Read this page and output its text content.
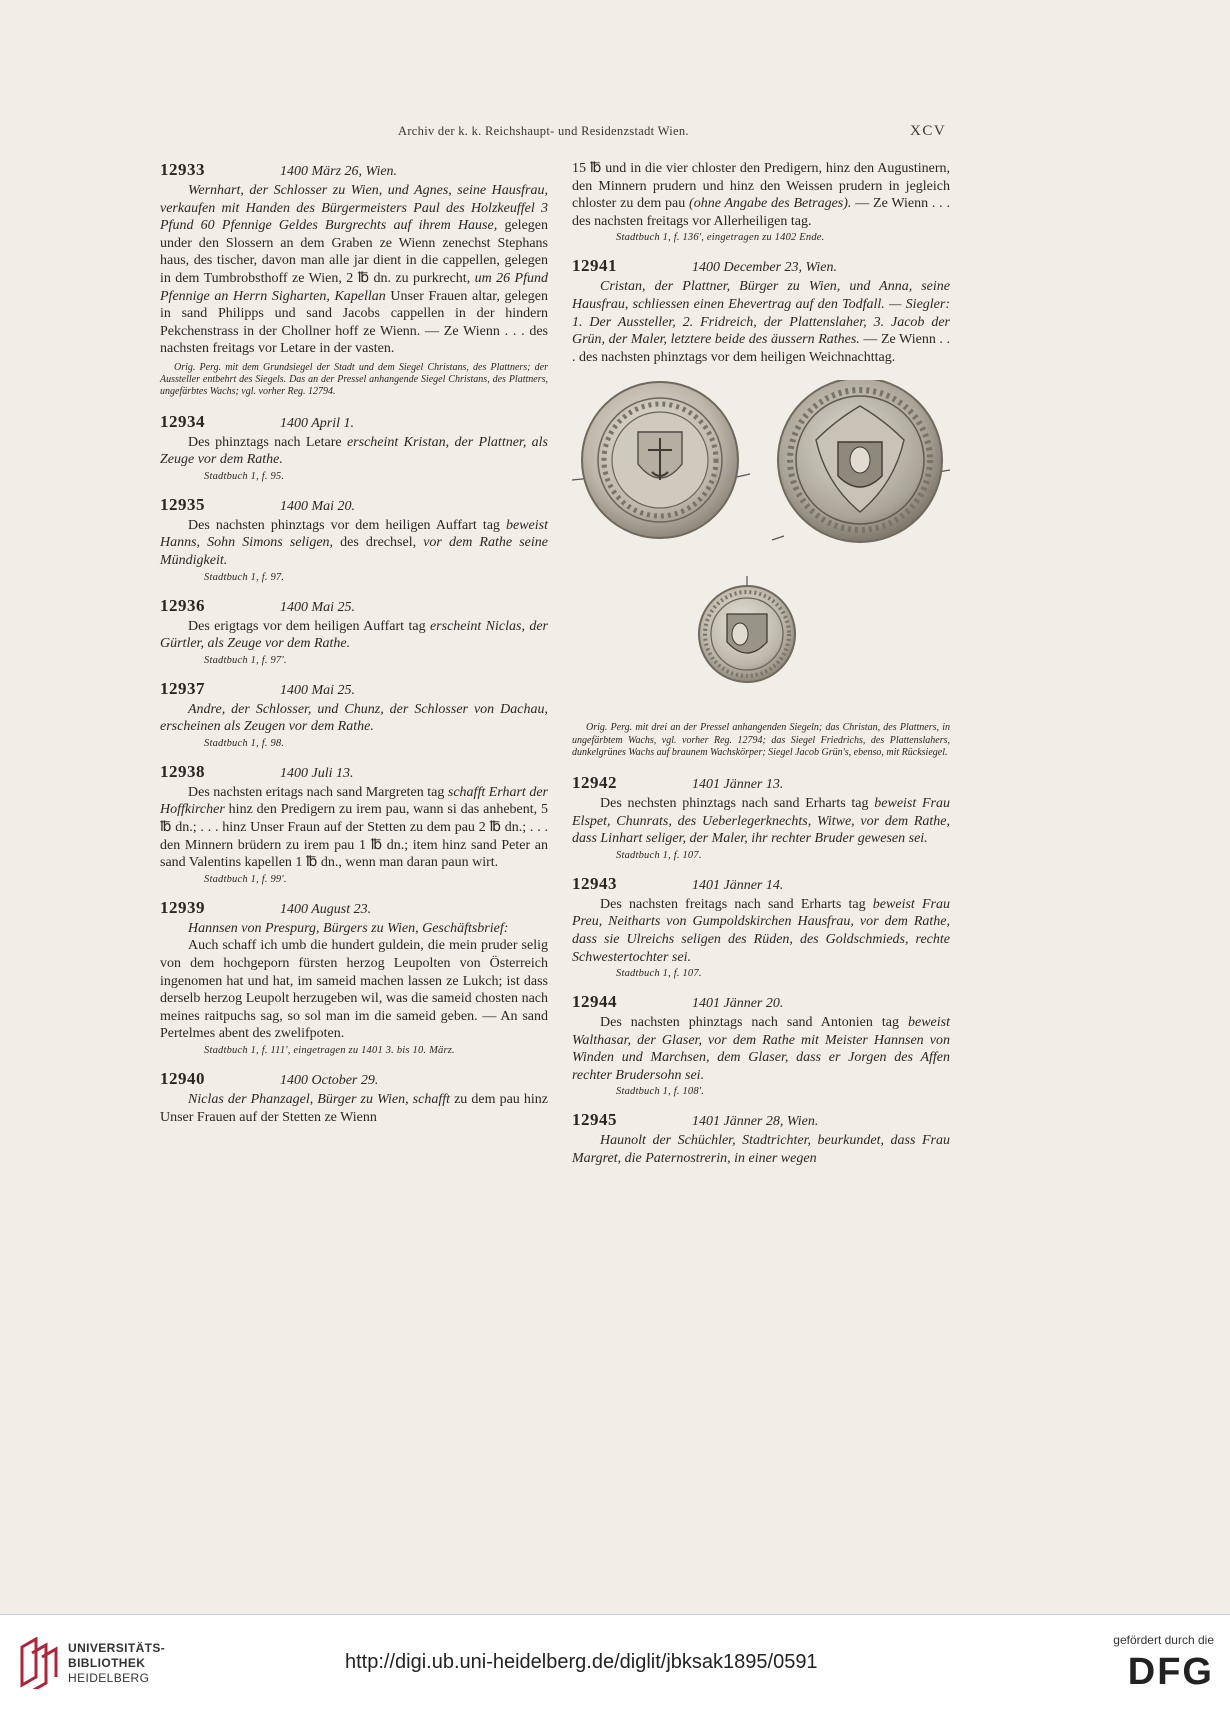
Archiv der k. k. Reichshaupt- und Residenzstadt Wien.	XCV
12933	1400 März 26, Wien.

Wernhart, der Schlosser zu Wien, und Agnes, seine Hausfrau, verkaufen mit Handen des Bürgermeisters Paul des Holzkeuffel 3 Pfund 60 Pfennige Geldes Burgrechts auf ihrem Hause, gelegen under den Slossern an dem Graben ze Wienn zenechst Stephans haus, des tischer, davon man alle jar dient in die cappellen, gelegen in dem Tumbrobsthoff ze Wien, 2 ℔ dn. zu purkrecht, um 26 Pfund Pfennige an Herrn Sigharten, Kapellan Unser Frauen altar, gelegen in sand Philipps und sand Jacobs cappellen in der hindern Pekchenstrass in der Chollner hoff ze Wienn. — Ze Wienn . . . des nachsten freitags vor Letare in der vasten.

Orig. Perg. mit dem Grundsiegel der Stadt und dem Siegel Christans, des Plattners; der Aussteller entbehrt des Siegels. Das an der Pressel anhangende Siegel Christans, des Plattners, ungefärbtes Wachs; vgl. vorher Reg. 12794.
12934	1400 April 1.

Des phinztags nach Letare erscheint Kristan, der Plattner, als Zeuge vor dem Rathe.

Stadtbuch 1, f. 95.
12935	1400 Mai 20.

Des nachsten phinztags vor dem heiligen Auffart tag beweist Hanns, Sohn Simons seligen, des drechsel, vor dem Rathe seine Mündigkeit.

Stadtbuch 1, f. 97.
12936	1400 Mai 25.

Des erigtags vor dem heiligen Auffart tag erscheint Niclas, der Gürtler, als Zeuge vor dem Rathe.

Stadtbuch 1, f. 97'.
12937	1400 Mai 25.

Andre, der Schlosser, und Chunz, der Schlosser von Dachau, erscheinen als Zeugen vor dem Rathe.

Stadtbuch 1, f. 98.
12938	1400 Juli 13.

Des nachsten eritags nach sand Margreten tag schafft Erhart der Hoffkircher hinz den Predigern zu irem pau, wann si das anhebent, 5 ℔ dn.; . . . hinz Unser Fraun auf der Stetten zu dem pau 2 ℔ dn.; . . . den Minnern brüdern zu irem pau 1 ℔ dn.; item hinz sand Peter an sand Valentins kapellen 1 ℔ dn., wenn man daran paun wirt.

Stadtbuch 1, f. 99'.
12939	1400 August 23.

Hannsen von Prespurg, Bürgers zu Wien, Geschäftsbrief:

Auch schaff ich umb die hundert guldein, die mein pruder selig von dem hochgeporn fürsten herzog Leupolten von Österreich ingenomen hat und hat, im sameid machen lassen ze Lukch; ist dass derselb herzog Leupolt herzugeben wil, was die sameid chosten nach meines raitpuchs sag, so sol man im die sameid geben. — An sand Pertelmes abent des zwelifpoten.

Stadtbuch 1, f. 111', eingetragen zu 1401 3. bis 10. März.
12940	1400 October 29.

Niclas der Phanzagel, Bürger zu Wien, schafft zu dem pau hinz Unser Frauen auf der Stetten ze Wienn

15 ℔ und in die vier chloster den Predigern, hinz den Augustinern, den Minnern prudern und hinz den Weissen prudern in jegleich chloster zu dem pau (ohne Angabe des Betrages). — Ze Wienn . . . des nachsten freitags vor Allerheiligen tag.

Stadtbuch 1, f. 136', eingetragen zu 1402 Ende.
12941	1400 December 23, Wien.

Cristan, der Plattner, Bürger zu Wien, und Anna, seine Hausfrau, schliessen einen Ehevertrag auf den Todfall. — Siegler: 1. Der Aussteller, 2. Fridreich, der Plattenslaher, 3. Jacob der Grün, der Maler, letztere beide des äussern Rathes. — Ze Wienn . . . des nachsten phinztags vor dem heiligen Weichnachttag.

Orig. Perg. mit drei an der Pressel anhangenden Siegeln; das Christan, des Plattners, in ungefärbtem Wachs, vgl. vorher Reg. 12794; das Siegel Friedrichs, des Plattenslahers, dunkelgrünes Wachs auf braunem Wachskörper; Siegel Jacob Grün's, ebenso, mit Rücksiegel.
12942	1401 Jänner 13.

Des nechsten phinztags nach sand Erharts tag beweist Frau Elspet, Chunrats, des Ueberlegerknechts, Witwe, vor dem Rathe, dass Linhart seliger, der Maler, ihr rechter Bruder gewesen sei.

Stadtbuch 1, f. 107.
12943	1401 Jänner 14.

Des nachsten freitags nach sand Erharts tag beweist Frau Preu, Neitharts von Gumpoldskirchen Hausfrau, vor dem Rathe, dass sie Ulreichs seligen des Rüden, des Goldschmieds, rechte Schwestertochter sei.

Stadtbuch 1, f. 107.
12944	1401 Jänner 20.

Des nachsten phinztags nach sand Antonien tag beweist Walthasar, der Glaser, vor dem Rathe mit Meister Hannsen von Winden und Marchsen, dem Glaser, dass er Jorgen des Affen rechter Brudersohn sei.

Stadtbuch 1, f. 108'.
12945	1401 Jänner 28, Wien.

Haunolt der Schüchler, Stadtrichter, beurkundet, dass Frau Margret, die Paternostrerin, in einer wegen

UNIVERSITÄTS-
BIBLIOTHEK
HEIDELBERG
http://digi.ub.uni-heidelberg.de/diglit/jbksak1895/0591
gefördert durch die
DFG
